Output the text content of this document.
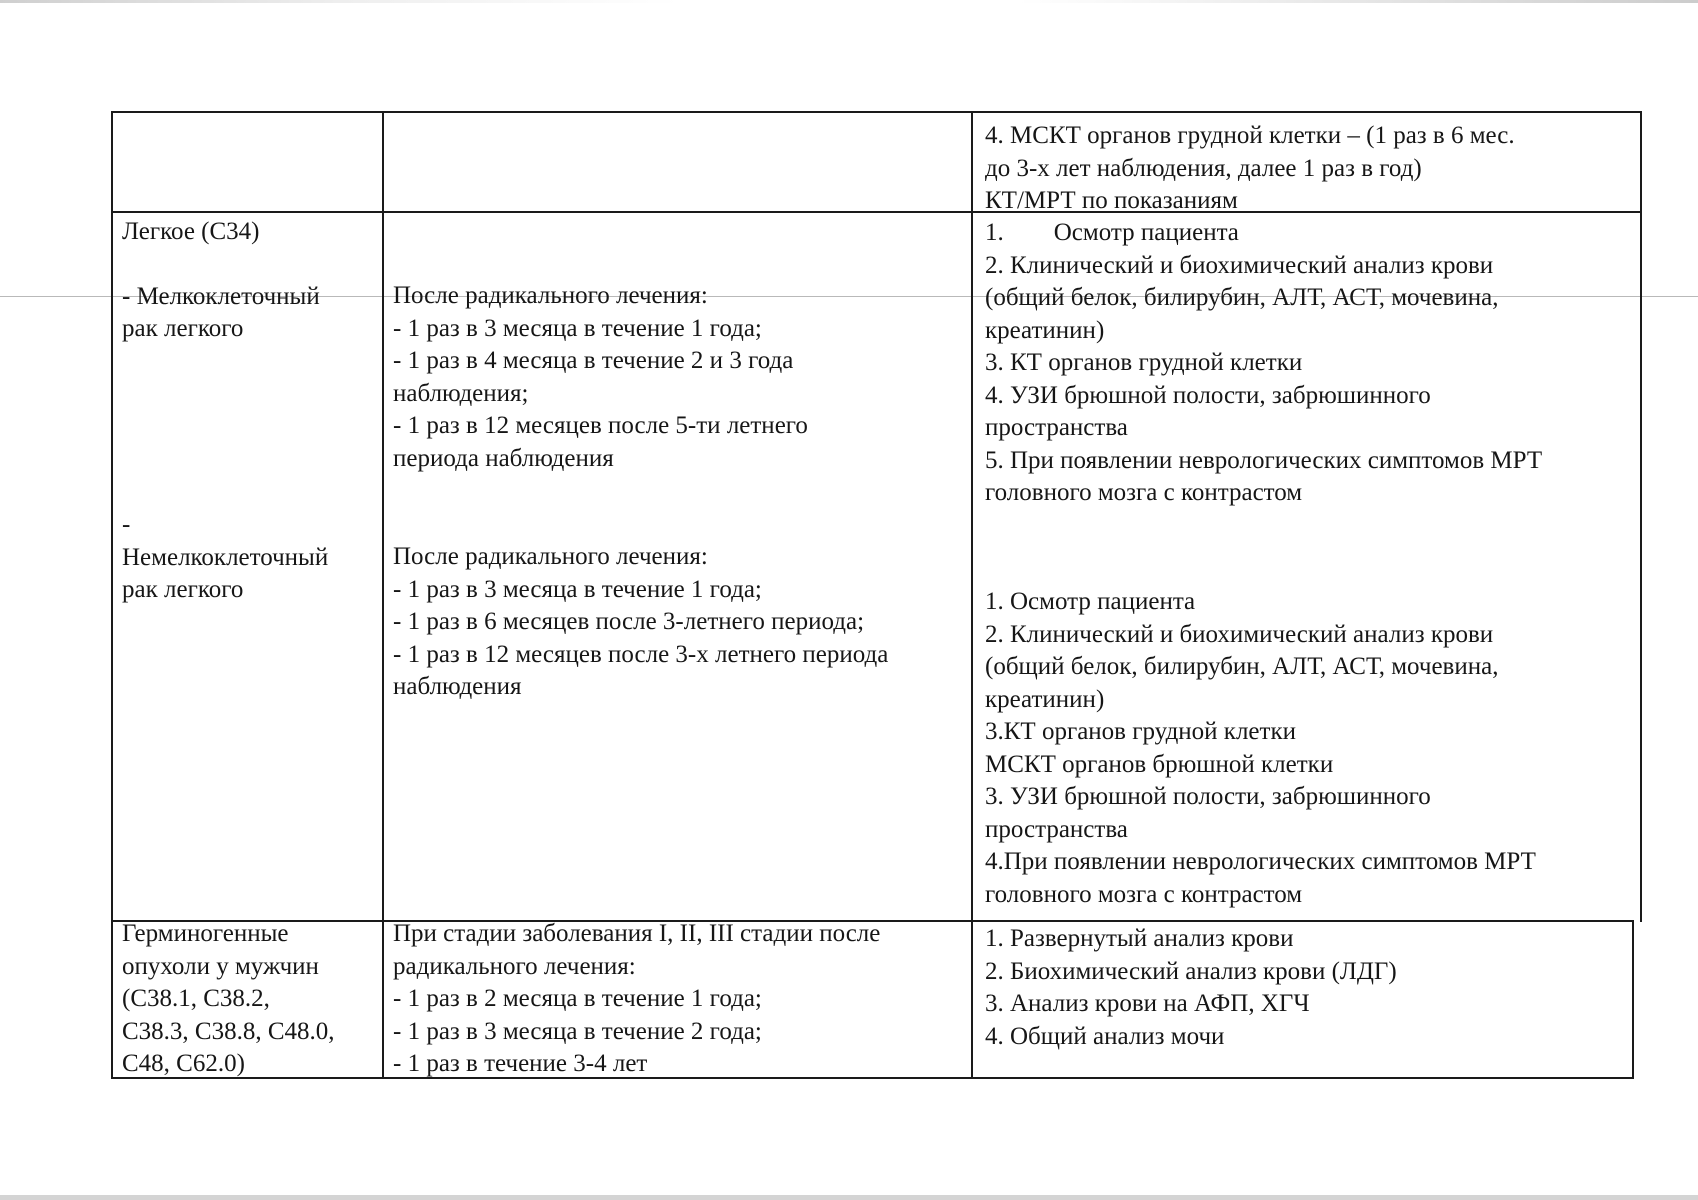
4. МСКТ органов грудной клетки – (1 раз в 6 мес.
до 3-х лет наблюдения, далее 1 раз в год)
КТ/МРТ по показаниям
Легкое (С34)
- Мелкоклеточный
рак легкого
-
Немелкоклеточный
рак легкого
После радикального лечения:
- 1 раз в 3 месяца в течение 1 года;
- 1 раз в 4 месяца в течение 2 и 3 года
наблюдения;
- 1 раз в 12 месяцев после 5-ти летнего
периода наблюдения
После радикального лечения:
- 1 раз в 3 месяца в течение 1 года;
- 1 раз в 6 месяцев после 3-летнего периода;
- 1 раз в 12 месяцев после 3-х летнего периода
наблюдения
1.        Осмотр пациента
2. Клинический и биохимический анализ крови
(общий белок, билирубин, АЛТ, АСТ, мочевина,
креатинин)
3. КТ органов грудной клетки
4. УЗИ брюшной полости, забрюшинного
пространства
5. При появлении неврологических симптомов МРТ
головного мозга с контрастом
1. Осмотр пациента
2. Клинический и биохимический анализ крови
(общий белок, билирубин, АЛТ, АСТ, мочевина,
креатинин)
3.КТ органов грудной клетки
МСКТ органов брюшной клетки
3. УЗИ брюшной полости, забрюшинного
пространства
4.При появлении неврологических симптомов МРТ
головного мозга с контрастом
Герминогенные
опухоли у мужчин
(С38.1, С38.2,
С38.3, С38.8, С48.0,
С48, С62.0)
При стадии заболевания I, II, III стадии после
радикального лечения:
- 1 раз в 2 месяца в течение 1 года;
- 1 раз в 3 месяца в течение 2 года;
- 1 раз в течение 3-4 лет
1. Развернутый анализ крови
2. Биохимический анализ крови (ЛДГ)
3. Анализ крови на АФП, ХГЧ
4. Общий анализ мочи
